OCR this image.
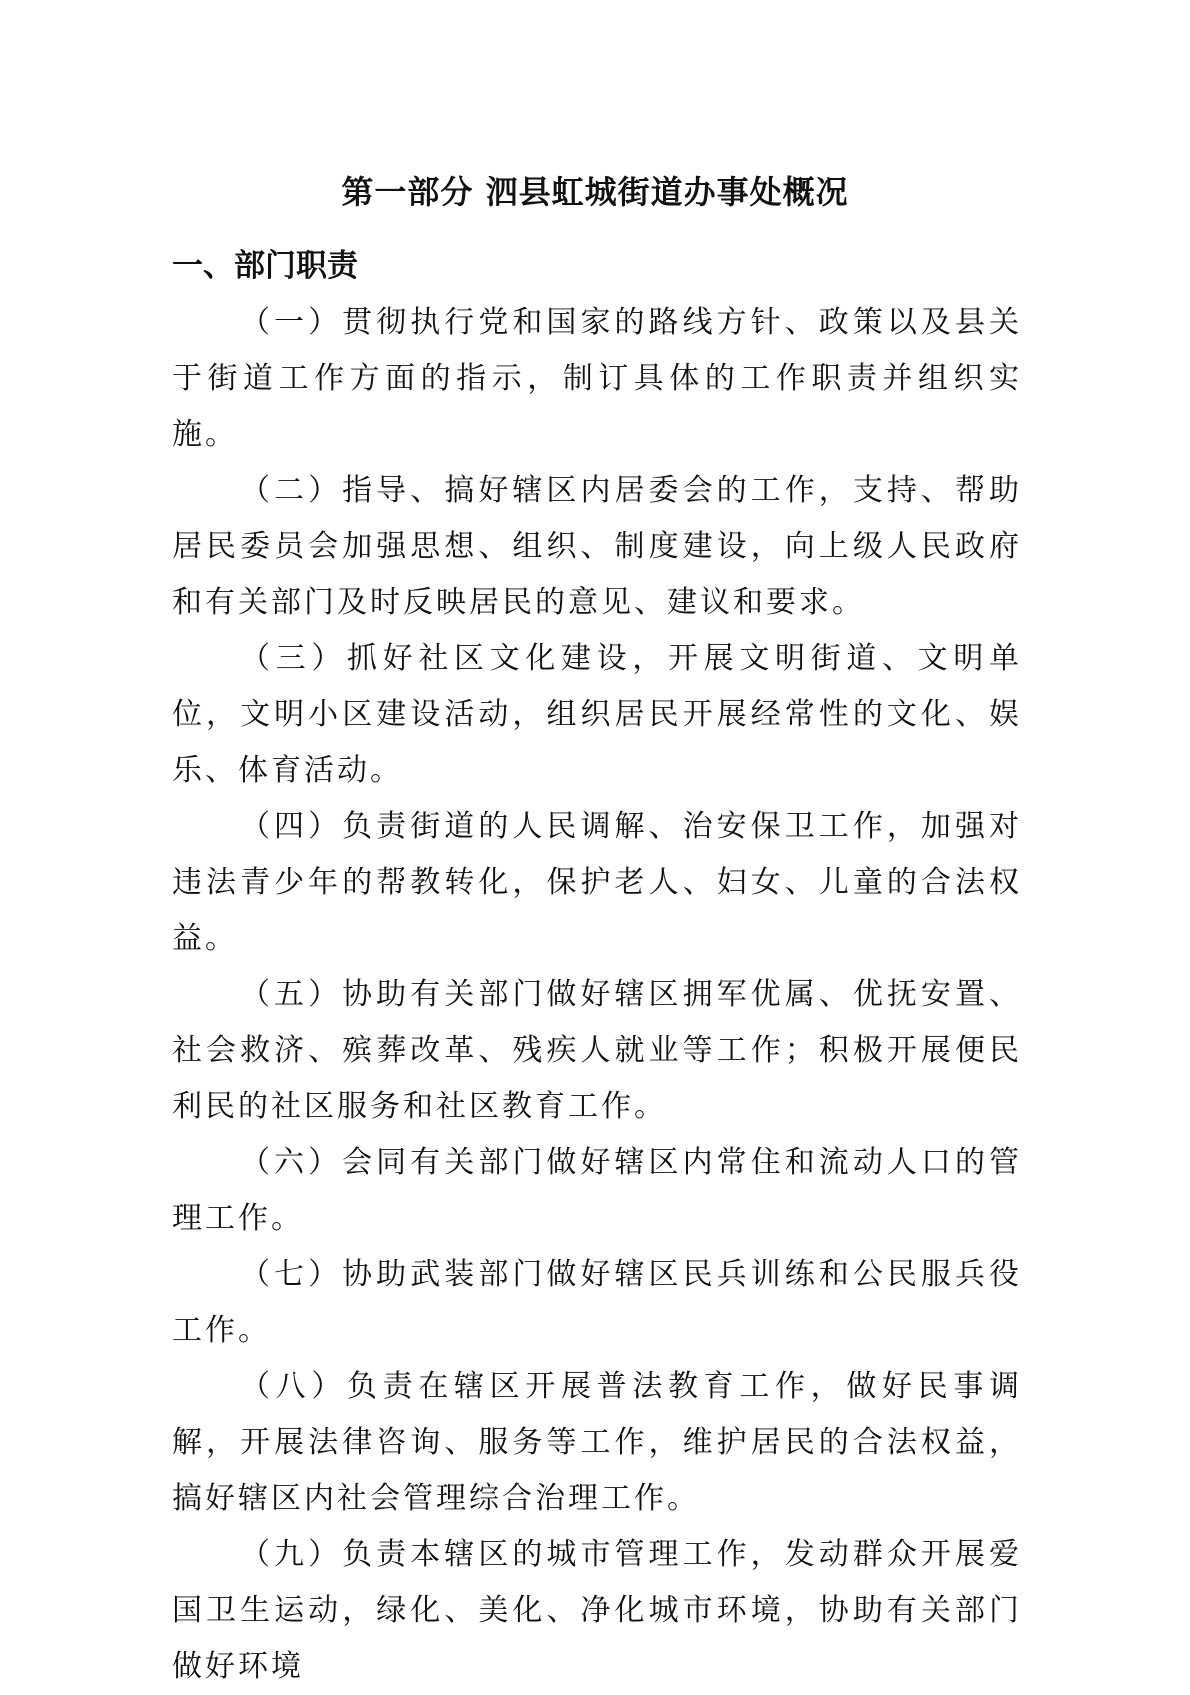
第一部分 泗县虹城街道办事处概况
一、部门职责

（一）贯彻执行党和国家的路线方针、政策以及县关于街道工作方面的指示，制订具体的工作职责并组织实施。

（二）指导、搞好辖区内居委会的工作，支持、帮助居民委员会加强思想、组织、制度建设，向上级人民政府和有关部门及时反映居民的意见、建议和要求。

（三）抓好社区文化建设，开展文明街道、文明单位，文明小区建设活动，组织居民开展经常性的文化、娱乐、体育活动。

（四）负责街道的人民调解、治安保卫工作，加强对违法青少年的帮教转化，保护老人、妇女、儿童的合法权益。

（五）协助有关部门做好辖区拥军优属、优抚安置、社会救济、殡葬改革、残疾人就业等工作；积极开展便民利民的社区服务和社区教育工作。

（六）会同有关部门做好辖区内常住和流动人口的管理工作。

（七）协助武装部门做好辖区民兵训练和公民服兵役工作。

（八）负责在辖区开展普法教育工作，做好民事调解，开展法律咨询、服务等工作，维护居民的合法权益，搞好辖区内社会管理综合治理工作。

（九）负责本辖区的城市管理工作，发动群众开展爱国卫生运动，绿化、美化、净化城市环境，协助有关部门做好环境
